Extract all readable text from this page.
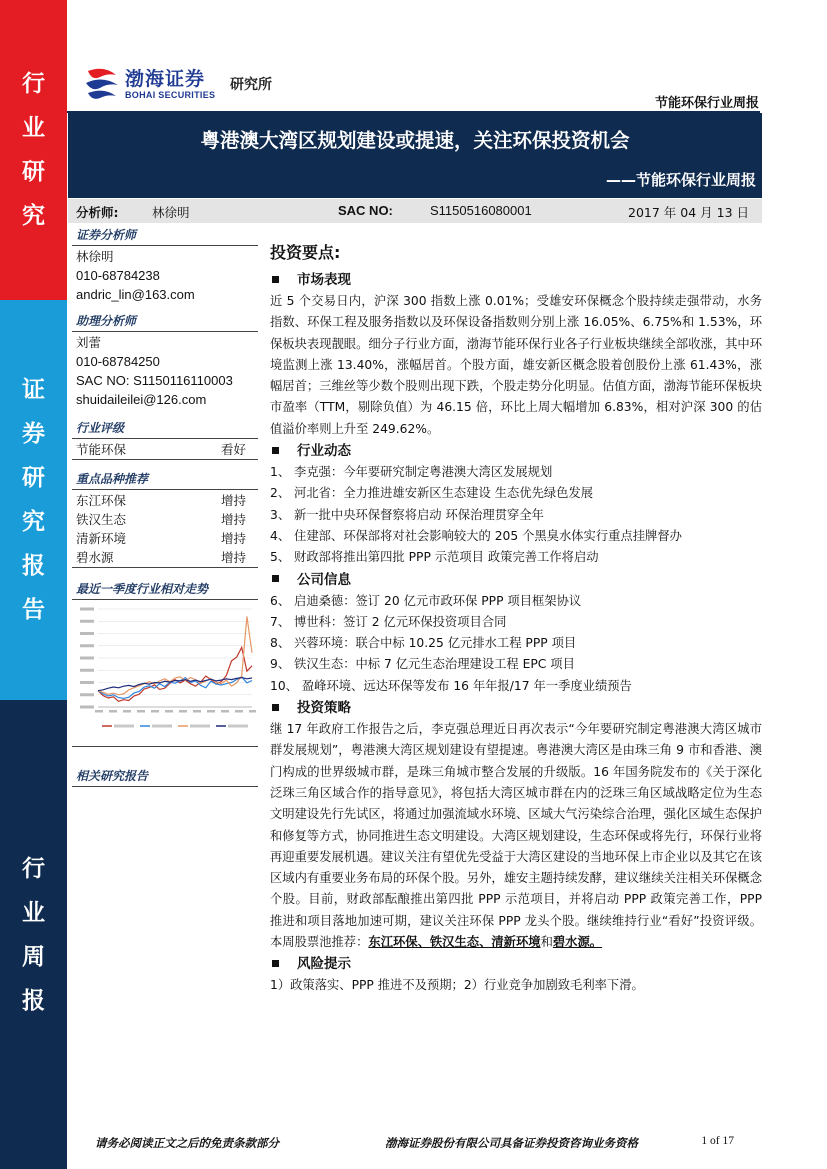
行
业
研
究
证
券
研
究
报
告
行
业
周
报
渤海证券
BOHAI SECURITIES
研究所
节能环保行业周报
粤港澳大湾区规划建设或提速，关注环保投资机会
——节能环保行业周报
分析师:	林徐明	SAC NO:	S1150516080001	2017 年 04 月 13 日
证券分析师
林徐明
010-68784238
andric_lin@163.com
助理分析师
刘蕾
010-68784250
SAC NO: S1150116110003
shuidaileilei@126.com
行业评级
节能环保	看好
重点品种推荐
东江环保	增持
铁汉生态	增持
清新环境	增持
碧水源	增持
最近一季度行业相对走势
相关研究报告
投资要点:
市场表现

近 5 个交易日内，沪深 300 指数上涨 0.01%；受雄安环保概念个股持续走强带动，水务指数、环保工程及服务指数以及环保设备指数则分别上涨 16.05%、6.75%和 1.53%，环保板块表现靓眼。细分子行业方面，渤海节能环保行业各子行业板块继续全部收涨，其中环境监测上涨 13.40%，涨幅居首。个股方面，雄安新区概念股着创股份上涨 61.43%，涨幅居首；三维丝等少数个股则出现下跌，个股走势分化明显。估值方面，渤海节能环保板块市盈率（TTM，剔除负值）为 46.15 倍，环比上周大幅增加 6.83%，相对沪深 300 的估值溢价率则上升至 249.62%。

行业动态
1、 李克强：今年要研究制定粤港澳大湾区发展规划
2、 河北省：全力推进雄安新区生态建设 生态优先绿色发展
3、 新一批中央环保督察将启动 环保治理贯穿全年
4、 住建部、环保部将对社会影响较大的 205 个黑臭水体实行重点挂牌督办
5、 财政部将推出第四批 PPP 示范项目 政策完善工作将启动
公司信息
6、 启迪桑德：签订 20 亿元市政环保 PPP 项目框架协议
7、 博世科：签订 2 亿元环保投资项目合同
8、 兴蓉环境：联合中标 10.25 亿元排水工程 PPP 项目
9、 铁汉生态：中标 7 亿元生态治理建设工程 EPC 项目
10、 盈峰环境、远达环保等发布 16 年年报/17 年一季度业绩预告
投资策略

继 17 年政府工作报告之后，李克强总理近日再次表示“今年要研究制定粤港澳大湾区城市群发展规划”，粤港澳大湾区规划建设有望提速。粤港澳大湾区是由珠三角 9 市和香港、澳门构成的世界级城市群，是珠三角城市整合发展的升级版。16 年国务院发布的《关于深化泛珠三角区域合作的指导意见》，将包括大湾区城市群在内的泛珠三角区域战略定位为生态文明建设先行先试区，将通过加强流域水环境、区域大气污染综合治理，强化区域生态保护和修复等方式，协同推进生态文明建设。大湾区规划建设，生态环保或将先行，环保行业将再迎重要发展机遇。建议关注有望优先受益于大湾区建设的当地环保上市企业以及其它在该区域内有重要业务布局的环保个股。另外，雄安主题持续发酵，建议继续关注相关环保概念个股。目前，财政部酝酿推出第四批 PPP 示范项目，并将启动 PPP 政策完善工作，PPP 推进和项目落地加速可期，建议关注环保 PPP 龙头个股。继续维持行业“看好”投资评级。本周股票池推荐：东江环保、铁汉生态、清新环境和碧水源。

风险提示
1）政策落实、PPP 推进不及预期；2）行业竞争加剧致毛利率下滑。
请务必阅读正文之后的免责条款部分	渤海证券股份有限公司具备证券投资咨询业务资格	1 of 17
